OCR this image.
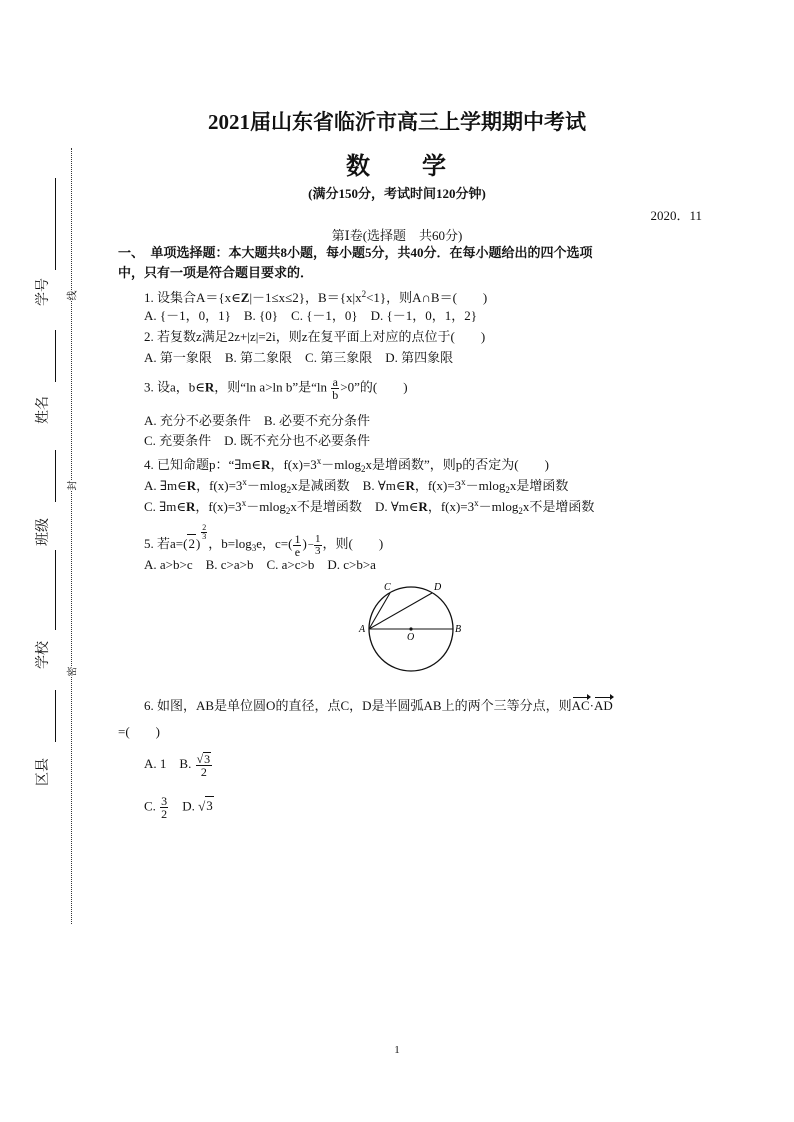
2021届山东省临沂市高三上学期期中考试
数 学
(满分150分，考试时间120分钟)
2020．11
第Ⅰ卷(选择题　共60分)
一、　单项选择题：本大题共8小题，每小题5分，共40分．在每小题给出的四个选项
中，只有一项是符合题目要求的．
1. 设集合A＝{x∈Z|－1≤x≤2}，$B=\{x|x^2<1\}$，则A∩B＝(　　)
A. {－1，0，1}　B. {0}　C. {－1，0}　D. {－1，0，1，2}
2. 若复数z满足2z+|z|=2i，则z在复平面上对应的点位于(　　)
A. 第一象限　B. 第二象限　C. 第三象限　D. 第四象限
3. 设a，b∈R，则“ln a>ln b”是“$\ln \frac{a}{b} >0$”的(　　)
A. 充分不必要条件　B. 必要不充分条件
C. 充要条件　D. 既不充分也不必要条件
4. 已知命题p：“∃m∈R，$f(x)=3^x-mlog_2x$是增函数”，则p的否定为(　　)
A. ∃m∈R，$f(x)=3^x-mlog_2x$是减函数　 B. ∀m∈R，$f(x)=3^x-mlog_2x$是增函数
C. ∃m∈R，$f(x)=3^x-mlog_2x$不是增函数　 D. ∀m∈R，$f(x)=3^x-mlog_2x$不是增函数
5. 若a=(2)
$\frac{2}{3}$
，$b=\log_3e$，$c=( \frac{1}{e}$ )− $\frac{1}{3}$ ，则(　　)
A. a>b>c　B. c>a>b　C. a>c>b　D. c>b>a
A	B
C	D
O
6. 如图，AB是单位圆O的直径，点C，D是半圆弧AB上的两个三等分点，则AC·AD
=(　　)
A. 1　 B. $\frac{√3}{2}$
C. $\frac{3}{2}$
　 D. √3
学号
姓名
班级
学校
区县
线
封
密
1
